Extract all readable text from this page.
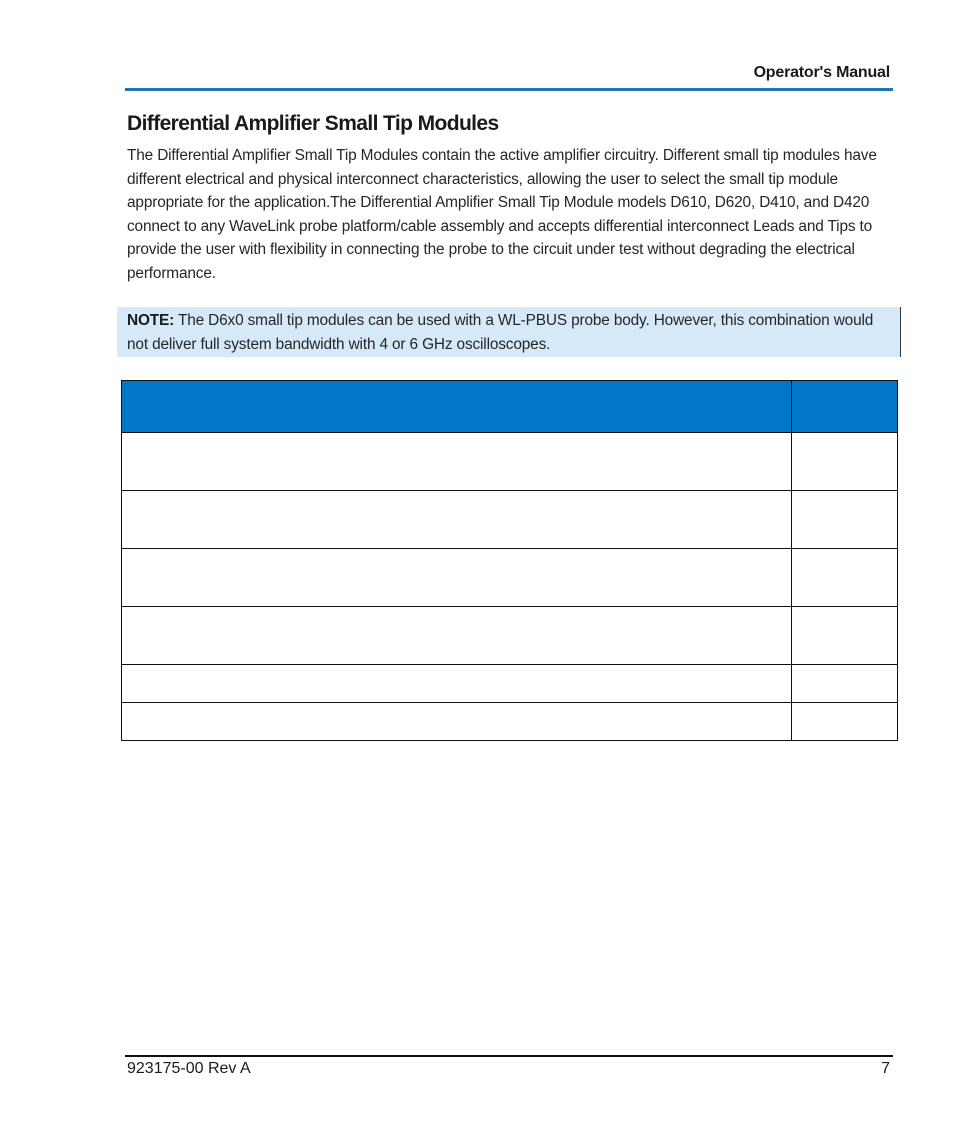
Operator's Manual
Differential Amplifier Small Tip Modules

The Differential Amplifier Small Tip Modules contain the active amplifier circuitry. Different small tip modules have different electrical and physical interconnect characteristics, allowing the user to select the small tip module appropriate for the application.The Differential Amplifier Small Tip Module models D610, D620, D410, and D420 connect to any WaveLink probe platform/cable assembly and accepts differential interconnect Leads and Tips to provide the user with flexibility in connecting the probe to the circuit under test without degrading the electrical performance.

NOTE: The D6x0 small tip modules can be used with a WL-PBUS probe body. However, this combination would not deliver full system bandwidth with 4 or 6 GHz oscilloscopes.

923175-00 Rev A	7
